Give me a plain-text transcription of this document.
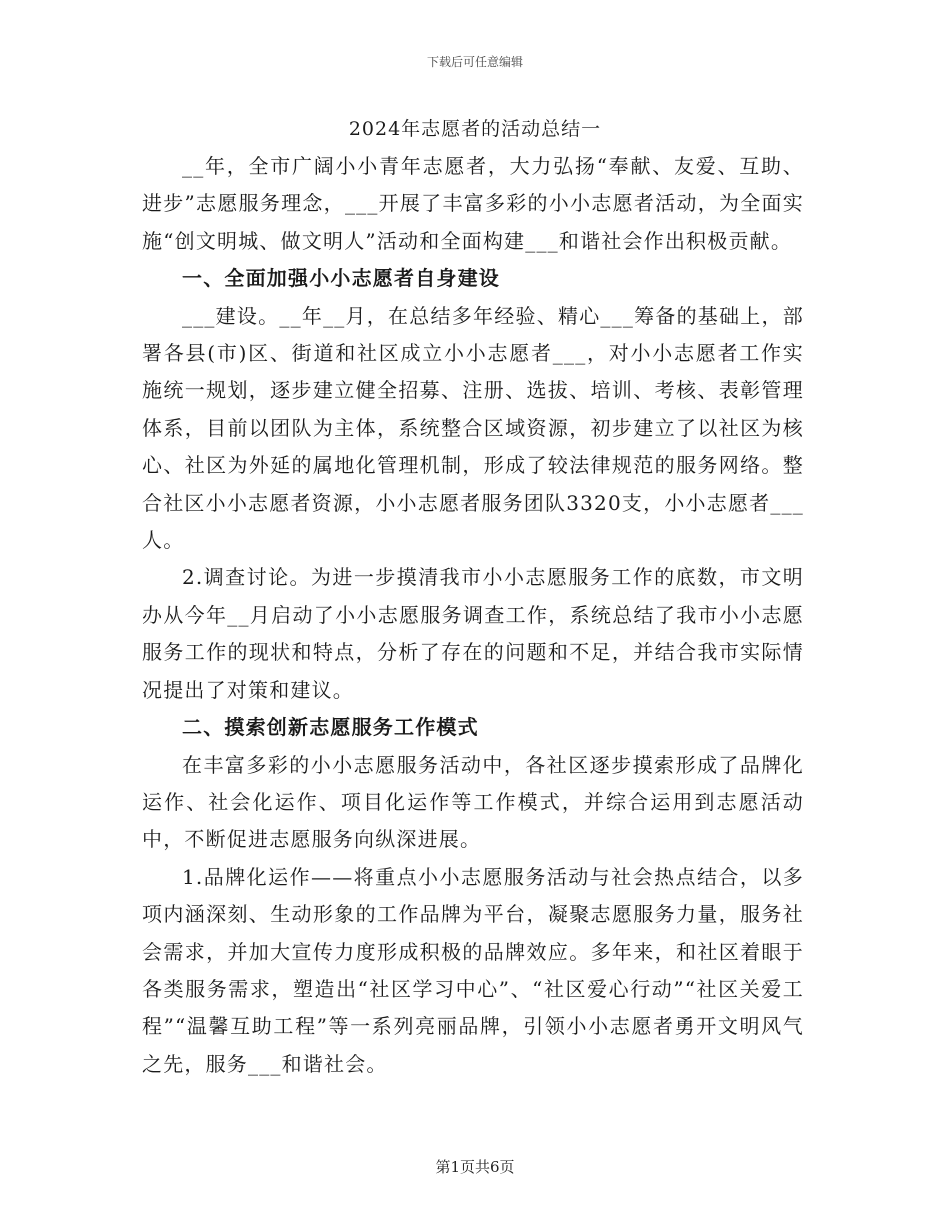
下载后可任意编辑
2024年志愿者的活动总结一

__年，全市广阔小小青年志愿者，大力弘扬“奉献、友爱、互助、进步”志愿服务理念，___开展了丰富多彩的小小志愿者活动，为全面实施“创文明城、做文明人”活动和全面构建___和谐社会作出积极贡献。

一、全面加强小小志愿者自身建设

___建设。__年__月，在总结多年经验、精心___筹备的基础上，部署各县(市)区、街道和社区成立小小志愿者___，对小小志愿者工作实施统一规划，逐步建立健全招募、注册、选拔、培训、考核、表彰管理体系，目前以团队为主体，系统整合区域资源，初步建立了以社区为核心、社区为外延的属地化管理机制，形成了较法律规范的服务网络。整合社区小小志愿者资源，小小志愿者服务团队3320支，小小志愿者___人。

2.调查讨论。为进一步摸清我市小小志愿服务工作的底数，市文明办从今年__月启动了小小志愿服务调查工作，系统总结了我市小小志愿服务工作的现状和特点，分析了存在的问题和不足，并结合我市实际情况提出了对策和建议。

二、摸索创新志愿服务工作模式

在丰富多彩的小小志愿服务活动中，各社区逐步摸索形成了品牌化运作、社会化运作、项目化运作等工作模式，并综合运用到志愿活动中，不断促进志愿服务向纵深进展。

1.品牌化运作——将重点小小志愿服务活动与社会热点结合，以多项内涵深刻、生动形象的工作品牌为平台，凝聚志愿服务力量，服务社会需求，并加大宣传力度形成积极的品牌效应。多年来，和社区着眼于各类服务需求，塑造出“社区学习中心”、“社区爱心行动”“社区关爱工程”“温馨互助工程”等一系列亮丽品牌，引领小小志愿者勇开文明风气之先，服务___和谐社会。

第1页共6页
